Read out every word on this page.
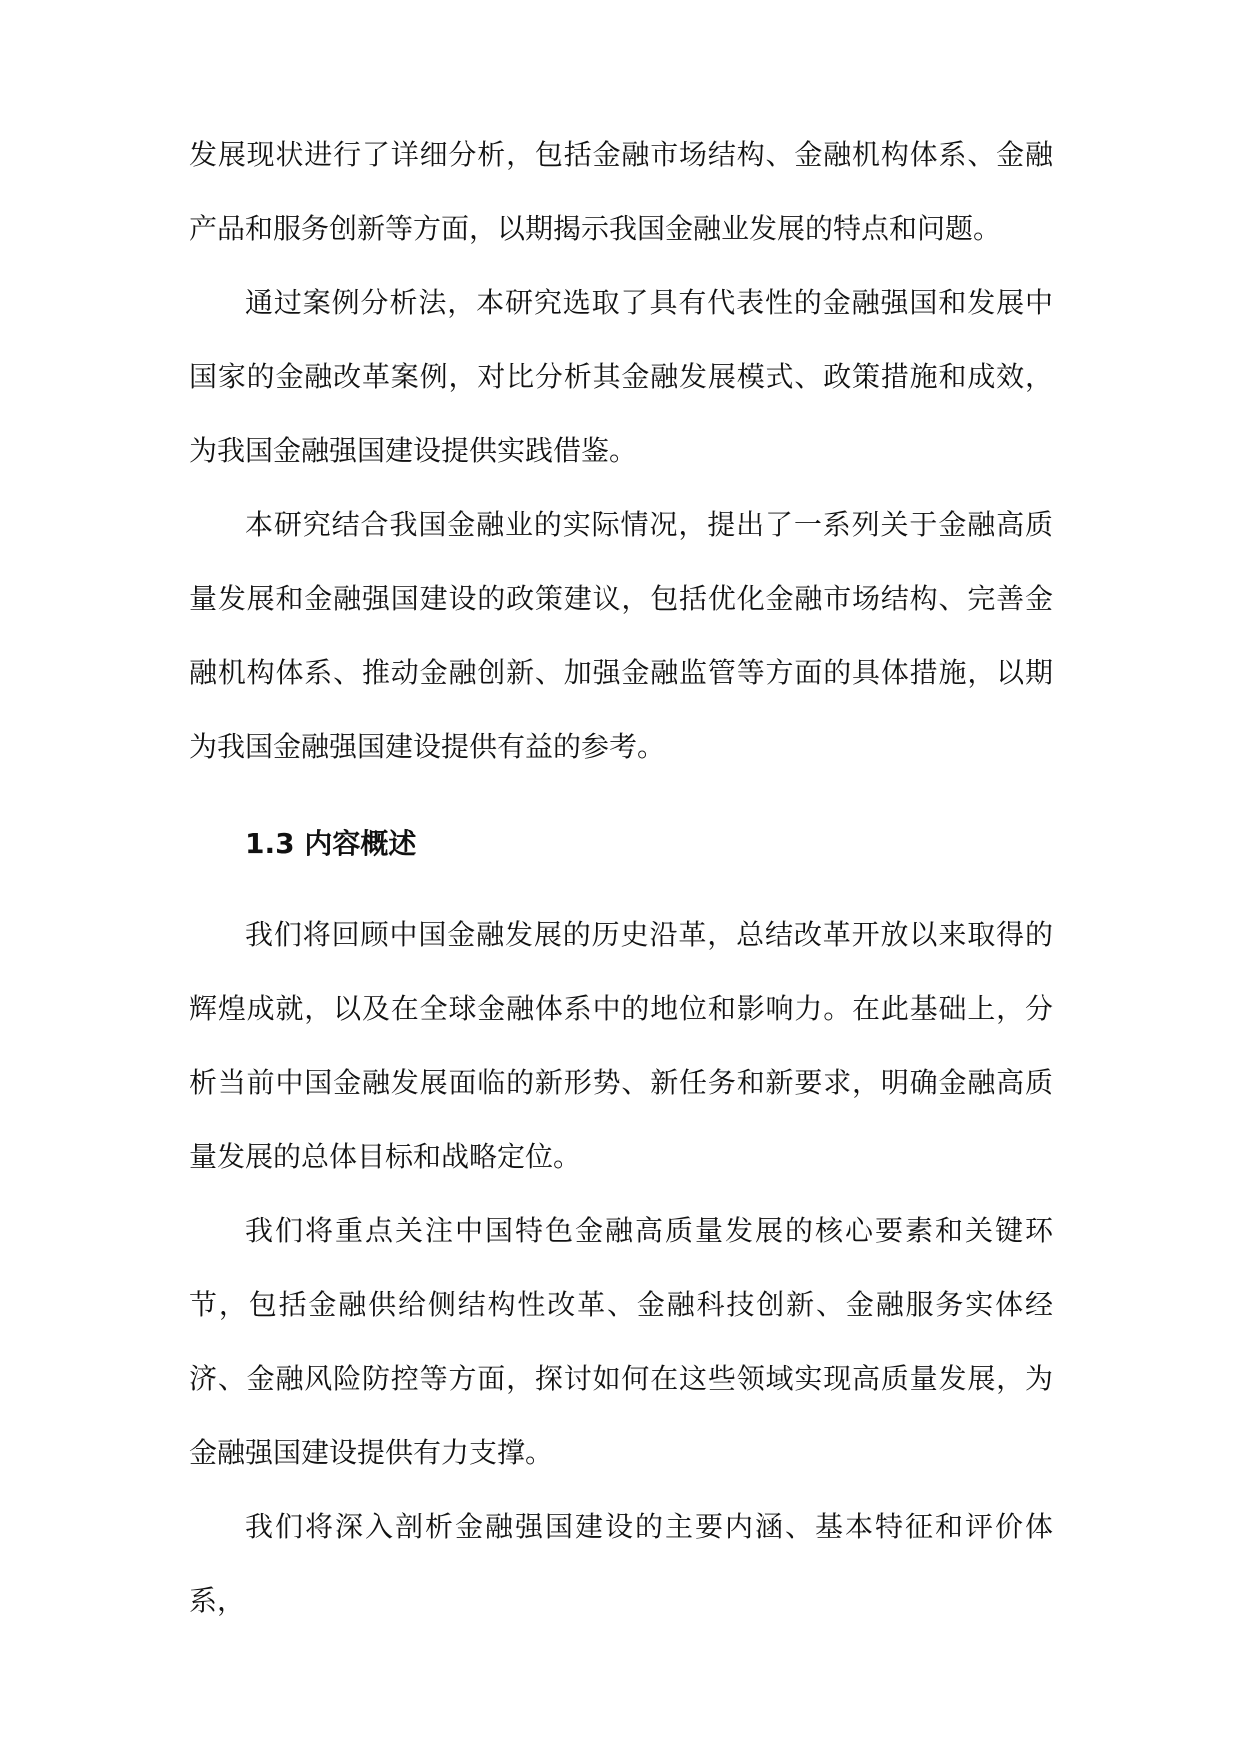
发展现状进行了详细分析，包括金融市场结构、金融机构体系、金融产品和服务创新等方面，以期揭示我国金融业发展的特点和问题。

通过案例分析法，本研究选取了具有代表性的金融强国和发展中国家的金融改革案例，对比分析其金融发展模式、政策措施和成效，为我国金融强国建设提供实践借鉴。

本研究结合我国金融业的实际情况，提出了一系列关于金融高质量发展和金融强国建设的政策建议，包括优化金融市场结构、完善金融机构体系、推动金融创新、加强金融监管等方面的具体措施，以期为我国金融强国建设提供有益的参考。

1.3 内容概述

我们将回顾中国金融发展的历史沿革，总结改革开放以来取得的辉煌成就，以及在全球金融体系中的地位和影响力。在此基础上，分析当前中国金融发展面临的新形势、新任务和新要求，明确金融高质量发展的总体目标和战略定位。

我们将重点关注中国特色金融高质量发展的核心要素和关键环节，包括金融供给侧结构性改革、金融科技创新、金融服务实体经济、金融风险防控等方面，探讨如何在这些领域实现高质量发展，为金融强国建设提供有力支撑。

我们将深入剖析金融强国建设的主要内涵、基本特征和评价体系，
